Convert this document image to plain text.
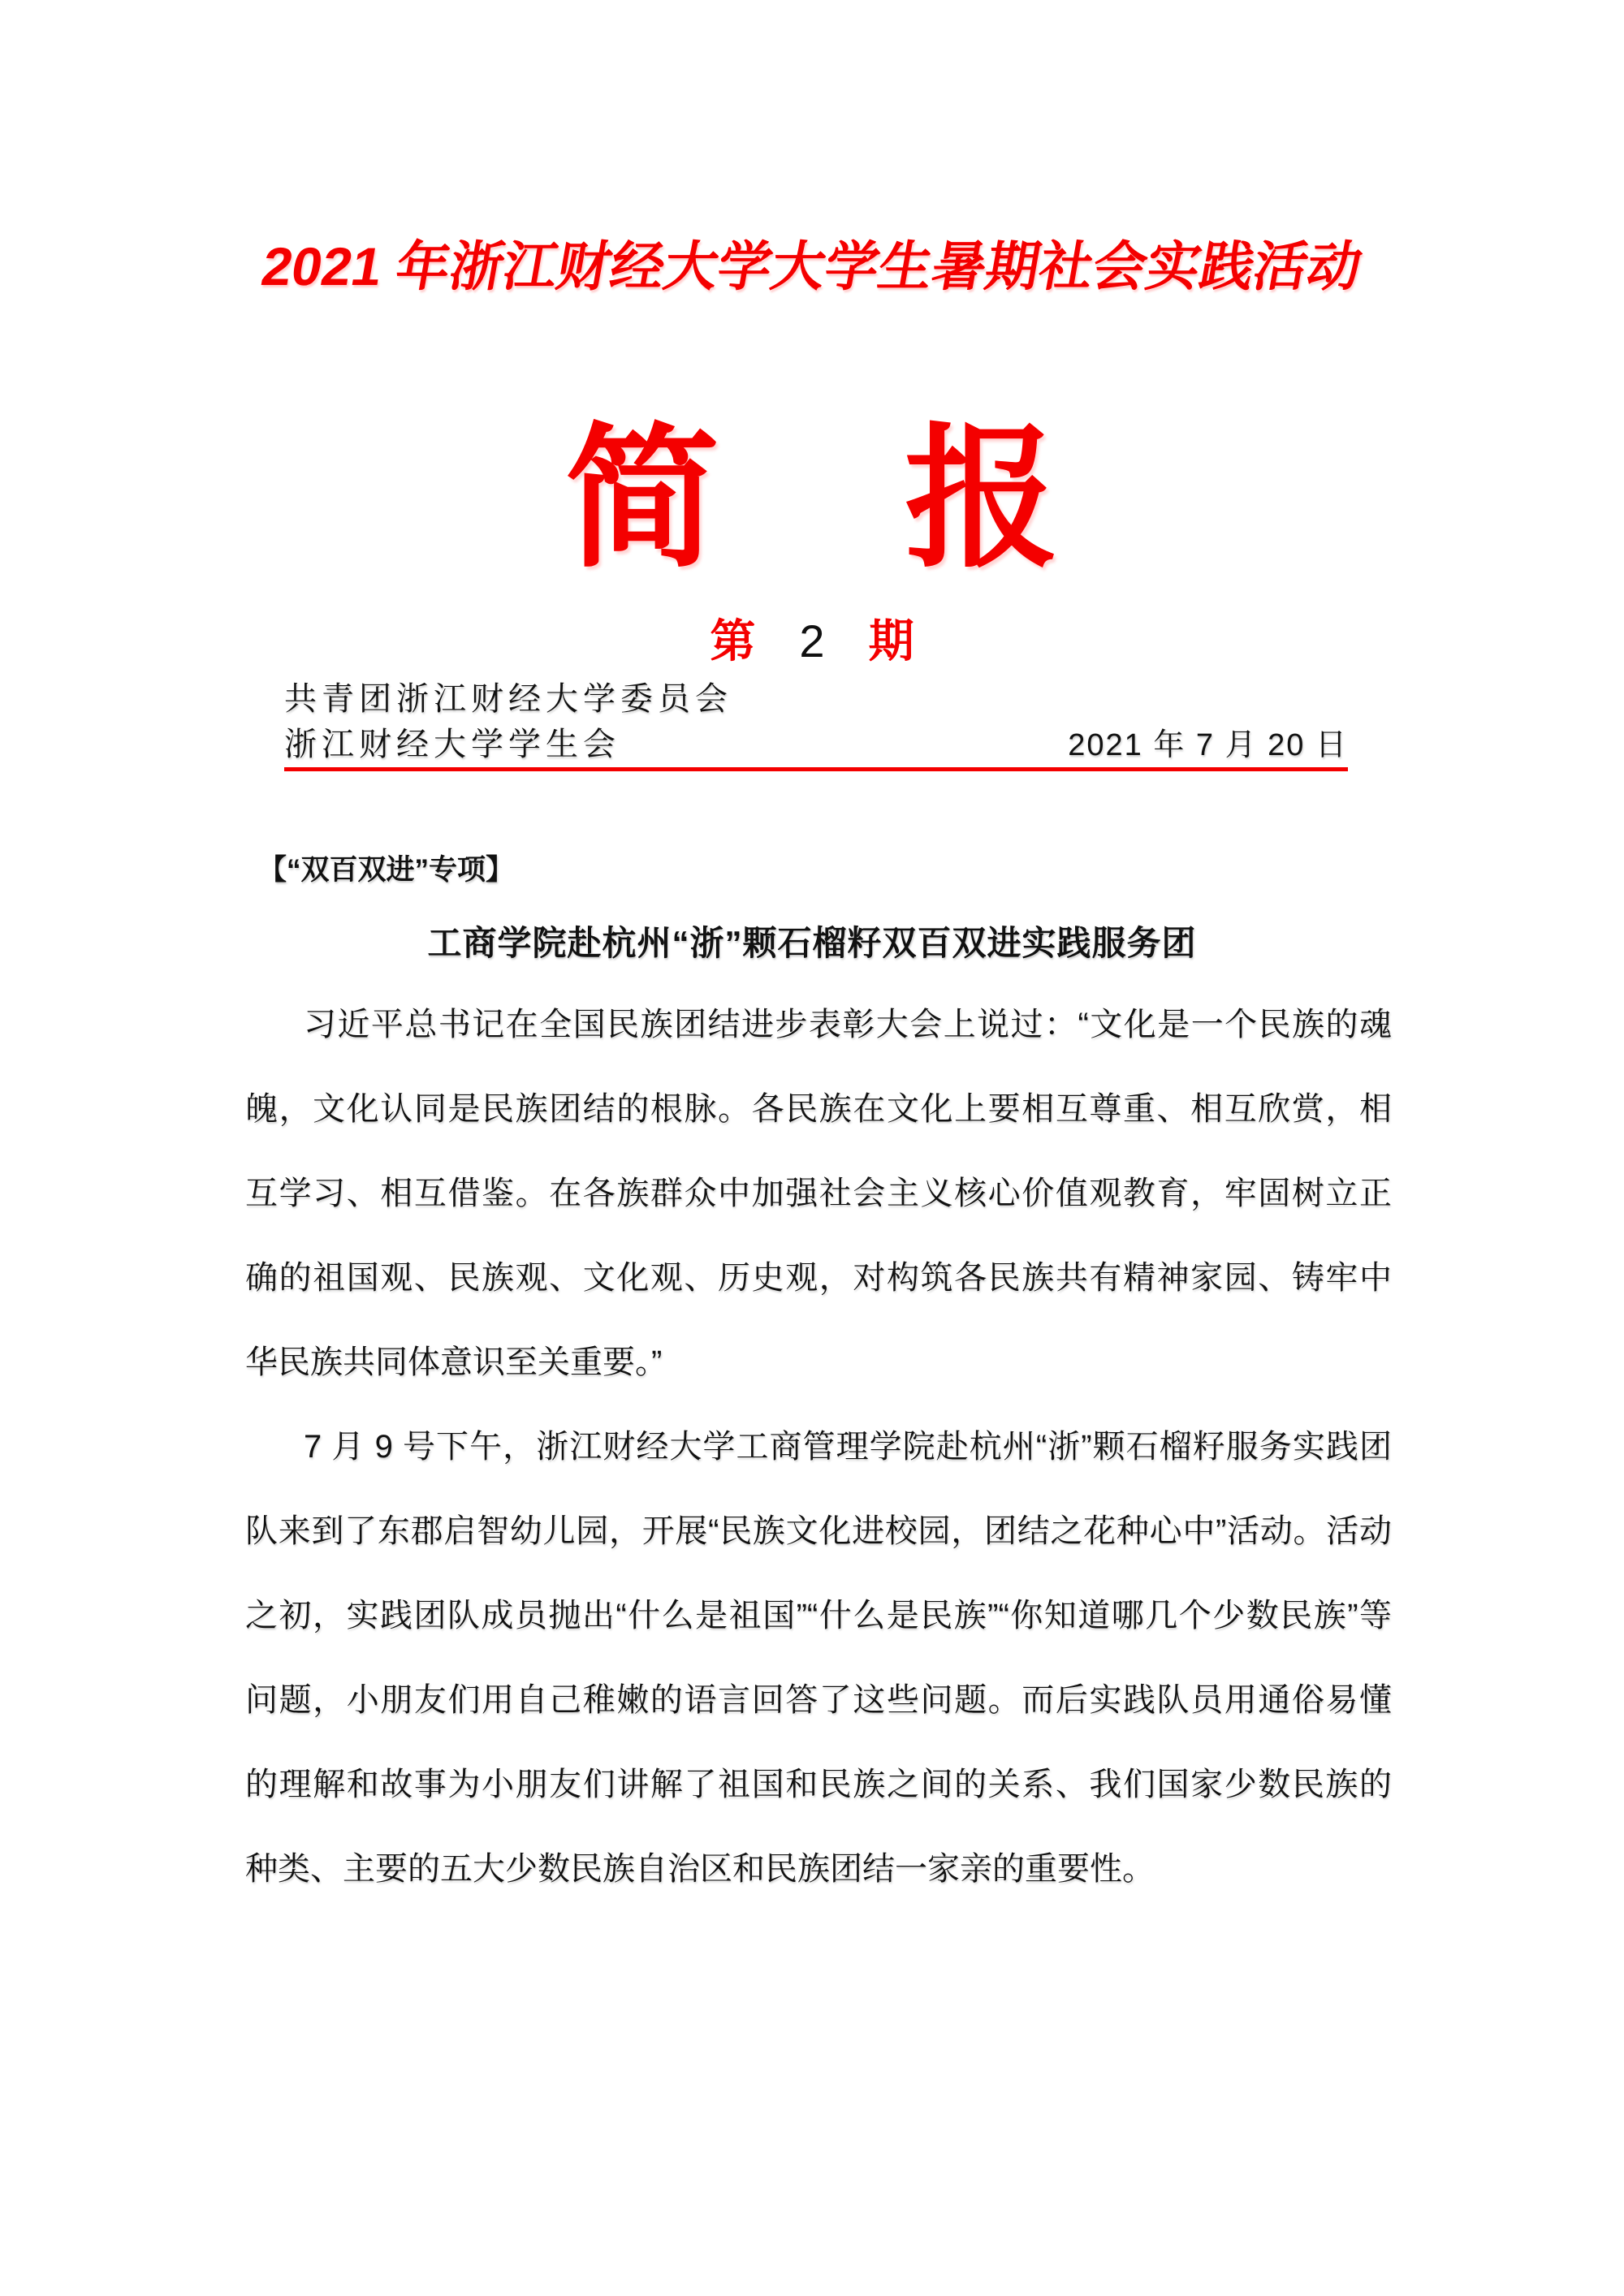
2021 年浙江财经大学大学生暑期社会实践活动
简 报
第 2 期
共青团浙江财经大学委员会
浙江财经大学学生会	2021 年 7 月 20 日
【“双百双进”专项】
工商学院赴杭州“浙”颗石榴籽双百双进实践服务团
习近平总书记在全国民族团结进步表彰大会上说过：“文化是一个民族的魂
魄，文化认同是民族团结的根脉。各民族在文化上要相互尊重、相互欣赏，相
互学习、相互借鉴。在各族群众中加强社会主义核心价值观教育，牢固树立正
确的祖国观、民族观、文化观、历史观，对构筑各民族共有精神家园、铸牢中
华民族共同体意识至关重要。”
7 月 9 号下午，浙江财经大学工商管理学院赴杭州“浙”颗石榴籽服务实践团
队来到了东郡启智幼儿园，开展“民族文化进校园，团结之花种心中”活动。活动
之初，实践团队成员抛出“什么是祖国”“什么是民族”“你知道哪几个少数民族”等
问题，小朋友们用自己稚嫩的语言回答了这些问题。而后实践队员用通俗易懂
的理解和故事为小朋友们讲解了祖国和民族之间的关系、我们国家少数民族的
种类、主要的五大少数民族自治区和民族团结一家亲的重要性。
